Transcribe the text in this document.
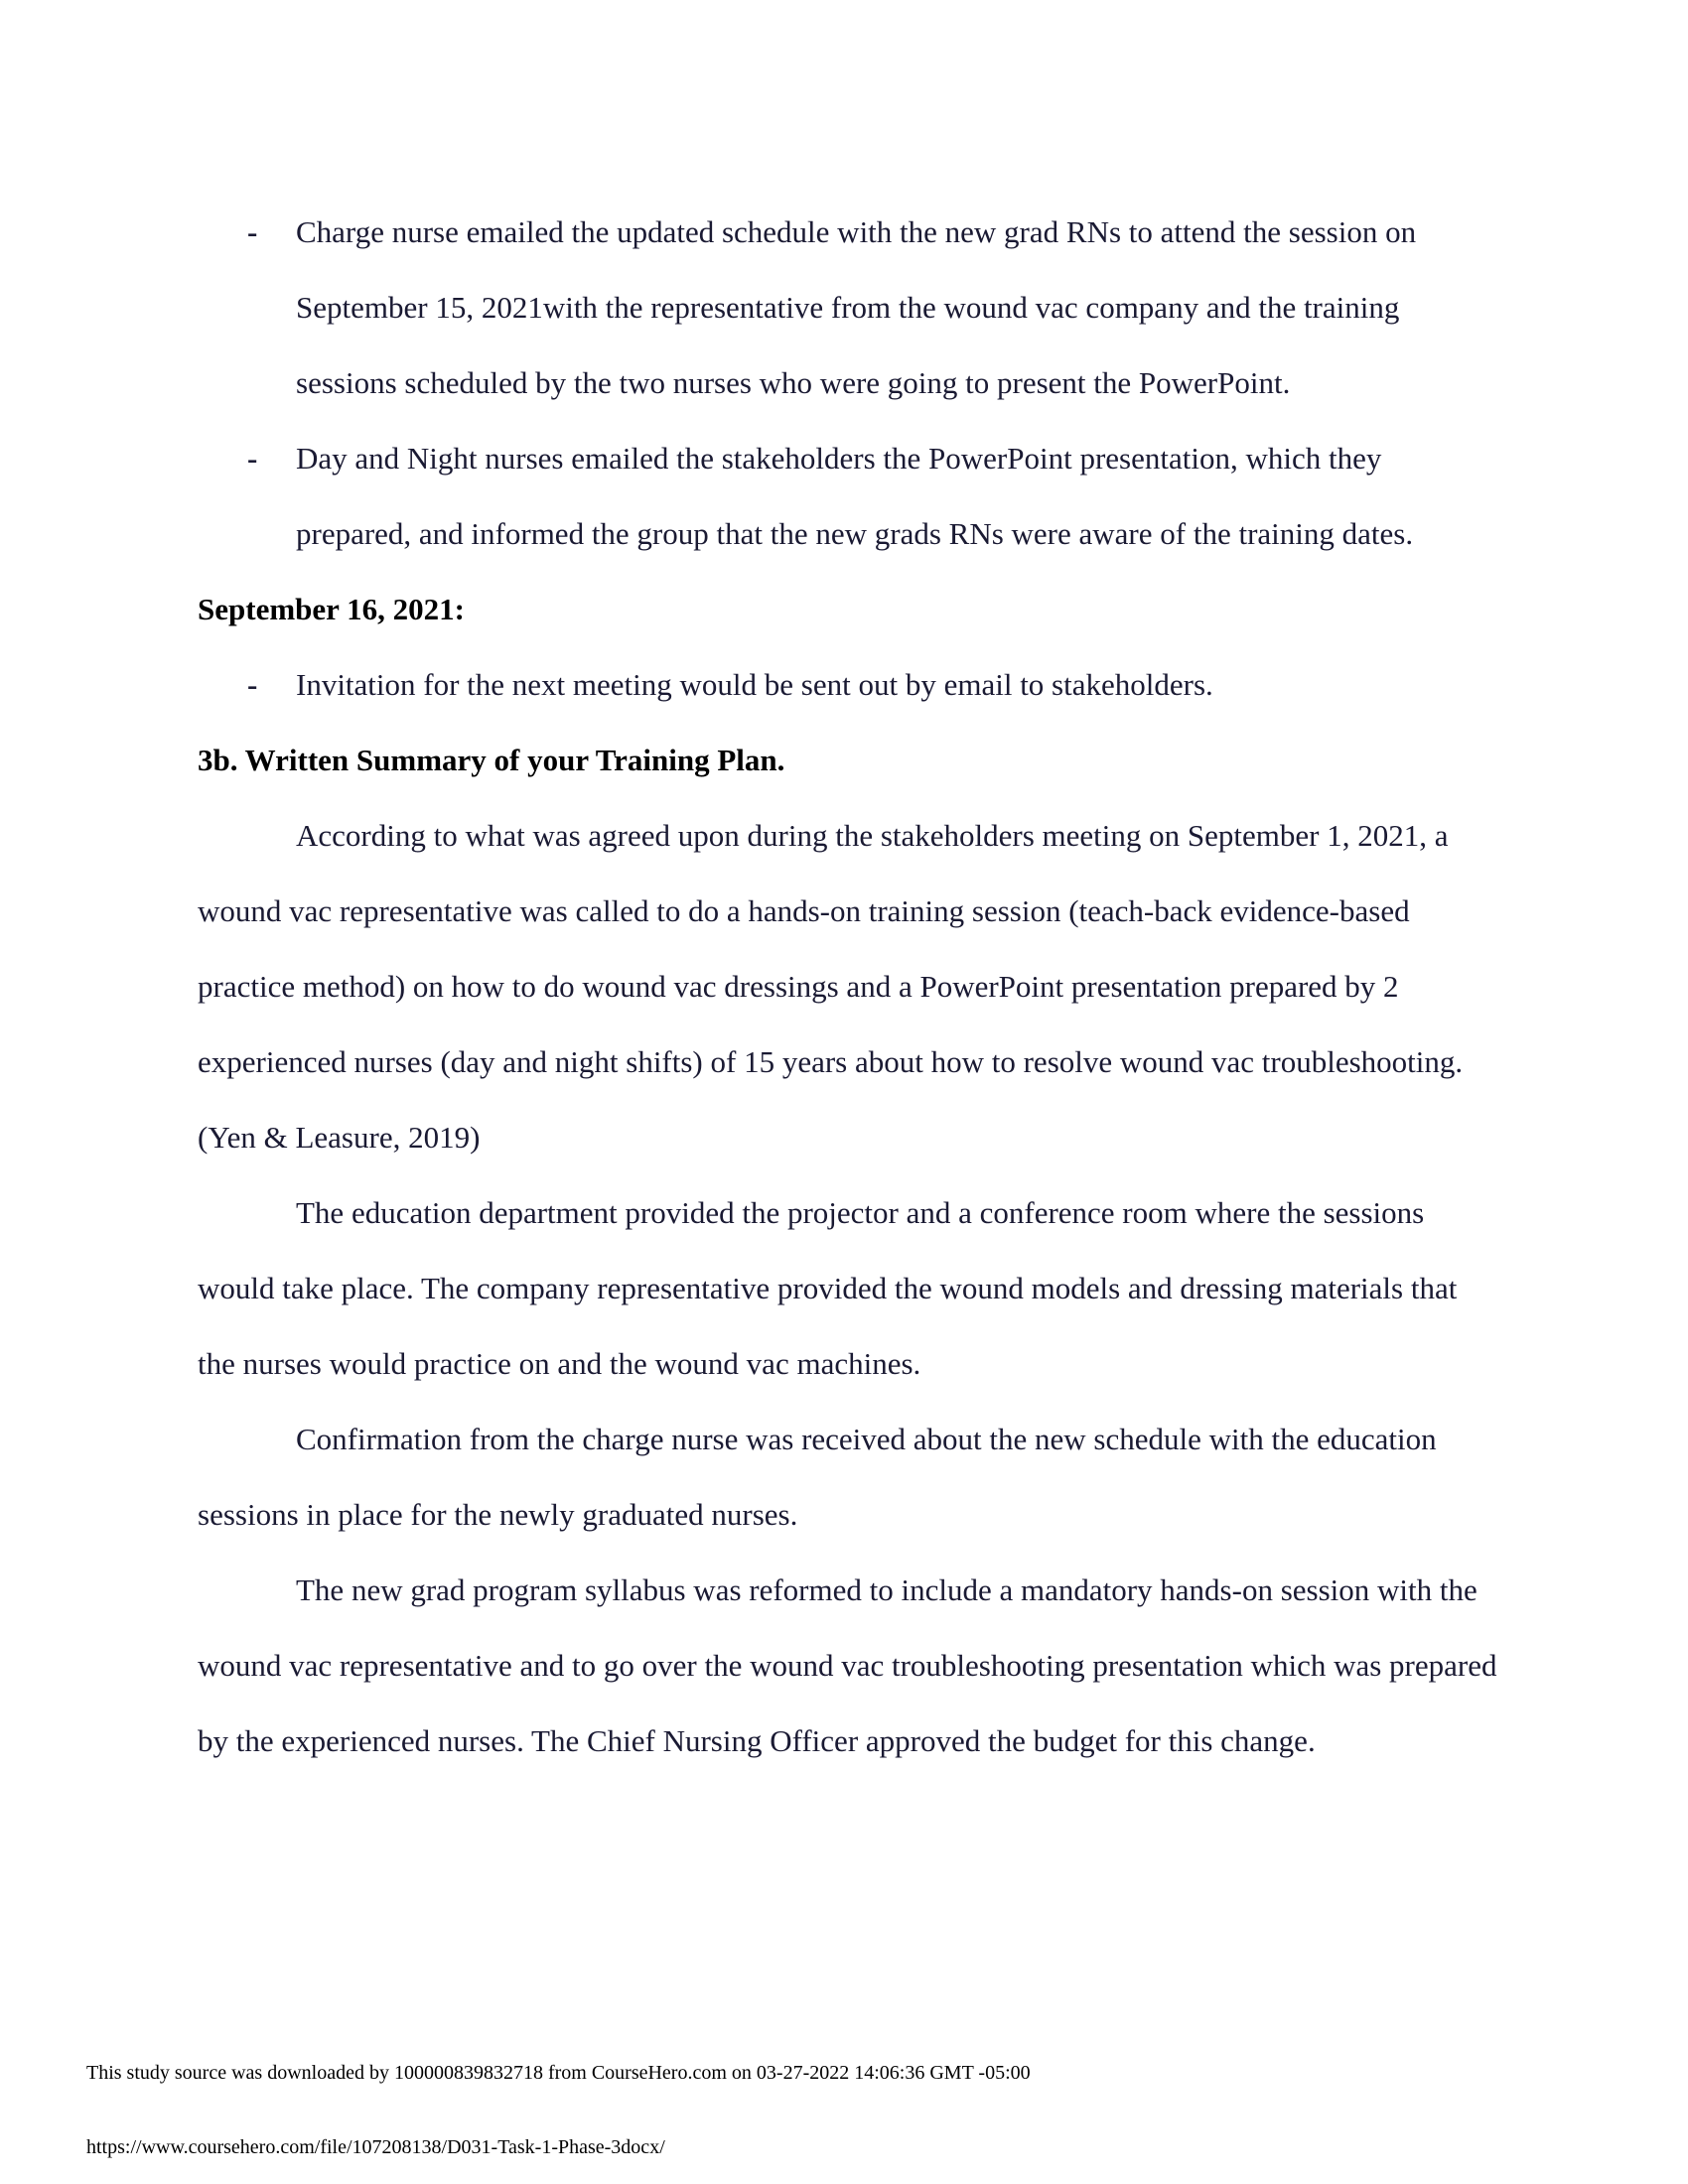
- Charge nurse emailed the updated schedule with the new grad RNs to attend the session on September 15, 2021with the representative from the wound vac company and the training sessions scheduled by the two nurses who were going to present the PowerPoint.
- Day and Night nurses emailed the stakeholders the PowerPoint presentation, which they prepared, and informed the group that the new grads RNs were aware of the training dates.
September 16, 2021:
- Invitation for the next meeting would be sent out by email to stakeholders.
3b. Written Summary of your Training Plan.
According to what was agreed upon during the stakeholders meeting on September 1, 2021, a wound vac representative was called to do a hands-on training session (teach-back evidence-based practice method) on how to do wound vac dressings and a PowerPoint presentation prepared by 2 experienced nurses (day and night shifts) of 15 years about how to resolve wound vac troubleshooting. (Yen & Leasure, 2019)
The education department provided the projector and a conference room where the sessions would take place. The company representative provided the wound models and dressing materials that the nurses would practice on and the wound vac machines.
Confirmation from the charge nurse was received about the new schedule with the education sessions in place for the newly graduated nurses.
The new grad program syllabus was reformed to include a mandatory hands-on session with the wound vac representative and to go over the wound vac troubleshooting presentation which was prepared by the experienced nurses. The Chief Nursing Officer approved the budget for this change.
This study source was downloaded by 100000839832718 from CourseHero.com on 03-27-2022 14:06:36 GMT -05:00
https://www.coursehero.com/file/107208138/D031-Task-1-Phase-3docx/
